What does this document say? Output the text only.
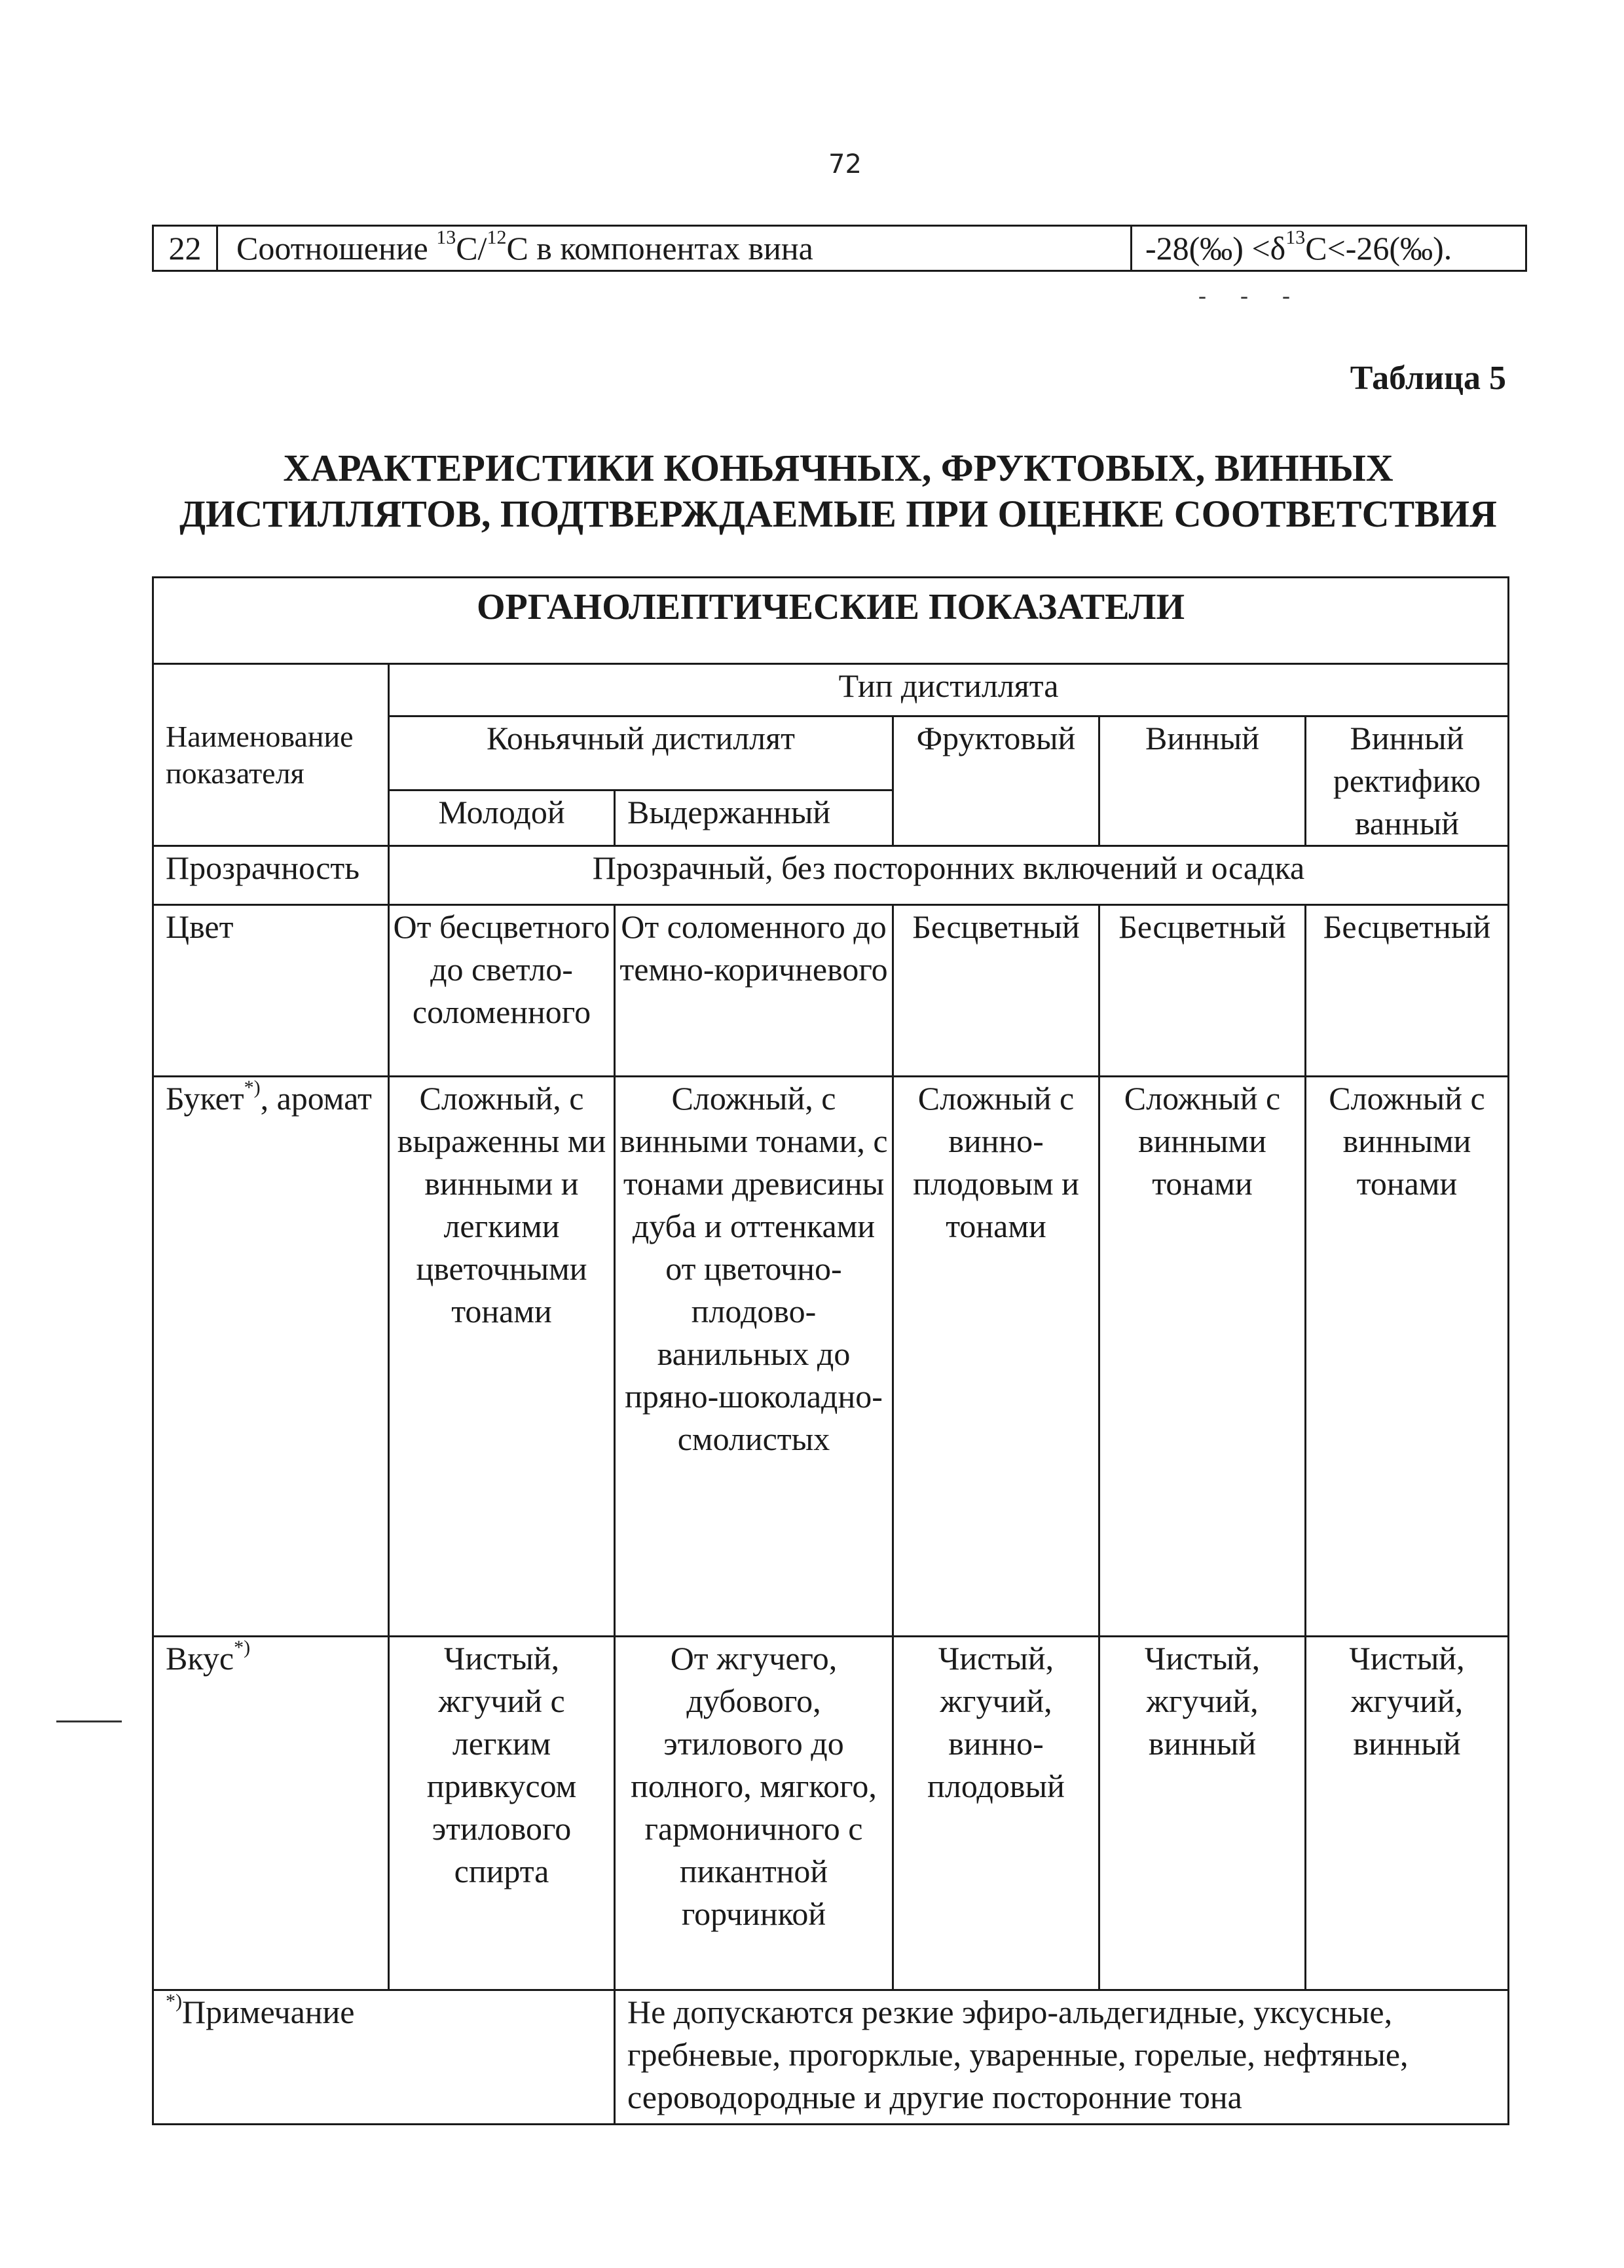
72
22	Соотношение $^{13}$С/$^{12}$С в компонентах вина	-28(‰) $<\delta^{13}С<-26(‰)$.
---
Таблица 5
ХАРАКТЕРИСТИКИ КОНЬЯЧНЫХ, ФРУКТОВЫХ, ВИННЫХ
ДИСТИЛЛЯТОВ, ПОДТВЕРЖДАЕМЫЕ ПРИ ОЦЕНКЕ СООТВЕТСТВИЯ
ОРГАНОЛЕПТИЧЕСКИЕ ПОКАЗАТЕЛИ					
Наименование показателя	Тип дистиллята				
	Коньячный дистиллят		Фруктовый	Винный	Винный ректифико ванный
	Молодой	Выдержанный			
Прозрачность	Прозрачный, без посторонних включений и осадка				
Цвет	От бесцветного до светло-соломенного	От соломенного до темно-коричневого	Бесцветный	Бесцветный	Бесцветный
Букет*), аромат	Сложный, с выраженны ми винными и легкими цветочными тонами	Сложный, с винными тонами, с тонами древисины дуба и оттенками от цветочно-плодово-ванильных до пряно-шоколадно-смолистых	Сложный с винно-плодовым и тонами	Сложный с винными тонами	Сложный с винными тонами
Вкус*)	Чистый, жгучий с легким привкусом этилового спирта	От жгучего, дубового, этилового до полного, мягкого, гармоничного с пикантной горчинкой	Чистый, жгучий, винно-плодовый	Чистый, жгучий, винный	Чистый, жгучий, винный
*)Примечание		Не допускаются резкие эфиро-альдегидные, уксусные, гребневые, прогорклые, уваренные, горелые, нефтяные, сероводородные и другие посторонние тона			
